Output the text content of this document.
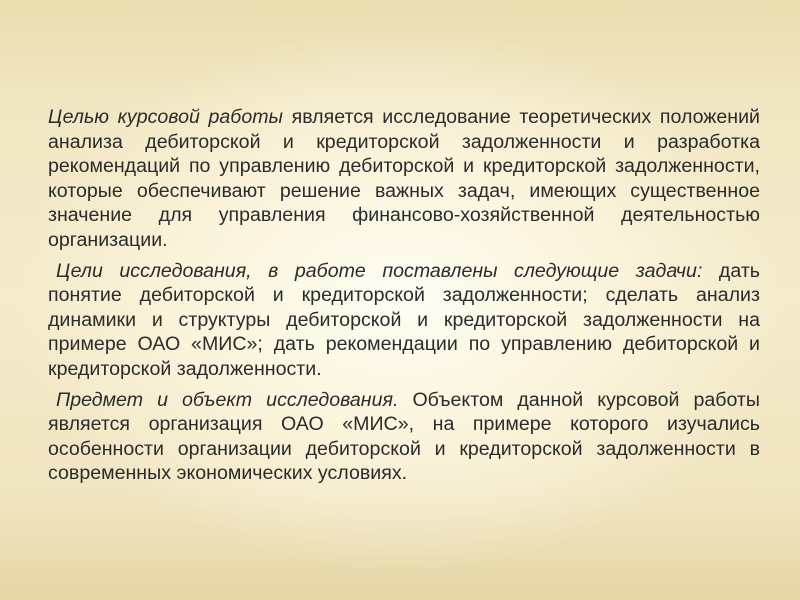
Целью курсовой работы является исследование теоретических положений анализа дебиторской и кредиторской задолженности и разработка рекомендаций по управлению дебиторской и кредиторской задолженности, которые обеспечивают решение важных задач, имеющих существенное значение для управления финансово-хозяйственной деятельностью организации.

Цели исследования, в работе поставлены следующие задачи: дать понятие дебиторской и кредиторской задолженности; сделать анализ динамики и структуры дебиторской и кредиторской задолженности на примере ОАО «МИС»; дать рекомендации по управлению дебиторской и кредиторской задолженности.

Предмет и объект исследования. Объектом данной курсовой работы является организация ОАО «МИС», на примере которого изучались особенности организации дебиторской и кредиторской задолженности в современных экономических условиях.
